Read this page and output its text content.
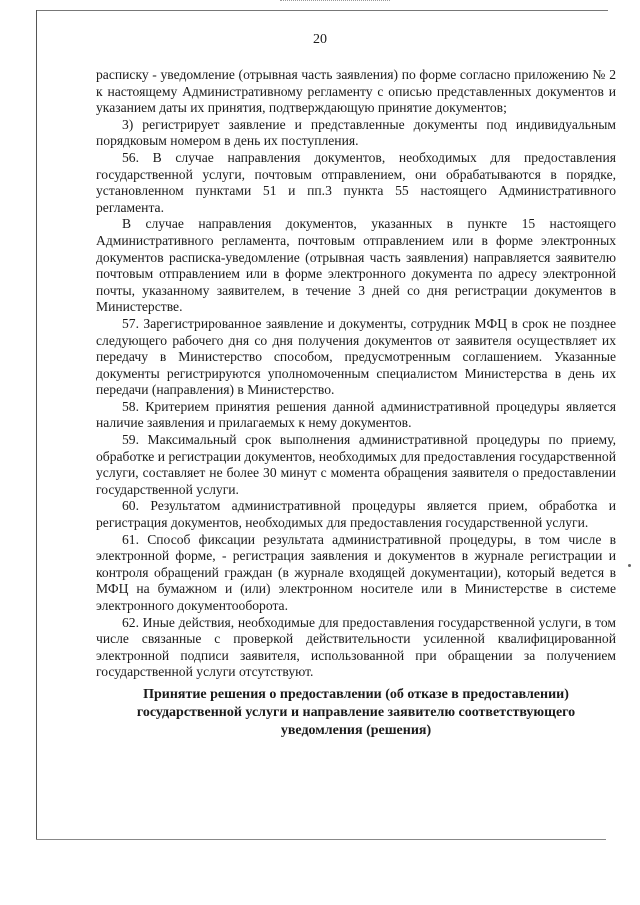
20

расписку - уведомление (отрывная часть заявления) по форме согласно приложению № 2 к настоящему Административному регламенту с описью представленных документов и указанием даты их принятия, подтверждающую принятие документов;

3) регистрирует заявление и представленные документы под индивидуальным порядковым номером в день их поступления.

56. В случае направления документов, необходимых для предоставления государственной услуги, почтовым отправлением, они обрабатываются в порядке, установленном пунктами 51 и пп.3 пункта 55 настоящего Административного регламента.

В случае направления документов, указанных в пункте 15 настоящего Административного регламента, почтовым отправлением или в форме электронных документов расписка-уведомление (отрывная часть заявления) направляется заявителю почтовым отправлением или в форме электронного документа по адресу электронной почты, указанному заявителем, в течение 3 дней со дня регистрации документов в Министерстве.

57. Зарегистрированное заявление и документы, сотрудник МФЦ в срок не позднее следующего рабочего дня со дня получения документов от заявителя осуществляет их передачу в Министерство способом, предусмотренным соглашением. Указанные документы регистрируются уполномоченным специалистом Министерства в день их передачи (направления) в Министерство.

58. Критерием принятия решения данной административной процедуры является наличие заявления и прилагаемых к нему документов.

59. Максимальный срок выполнения административной процедуры по приему, обработке и регистрации документов, необходимых для предоставления государственной услуги, составляет не более 30 минут с момента обращения заявителя о предоставлении государственной услуги.

60. Результатом административной процедуры является прием, обработка и регистрация документов, необходимых для предоставления государственной услуги.

61. Способ фиксации результата административной процедуры, в том числе в электронной форме, - регистрация заявления и документов в журнале регистрации и контроля обращений граждан (в журнале входящей документации), который ведется в МФЦ на бумажном и (или) электронном носителе или в Министерстве в системе электронного документооборота.

62. Иные действия, необходимые для предоставления государственной услуги, в том числе связанные с проверкой действительности усиленной квалифицированной электронной подписи заявителя, использованной при обращении за получением государственной услуги отсутствуют.

Принятие решения о предоставлении (об отказе в предоставлении)
государственной услуги и направление заявителю соответствующего
уведомления (решения)
